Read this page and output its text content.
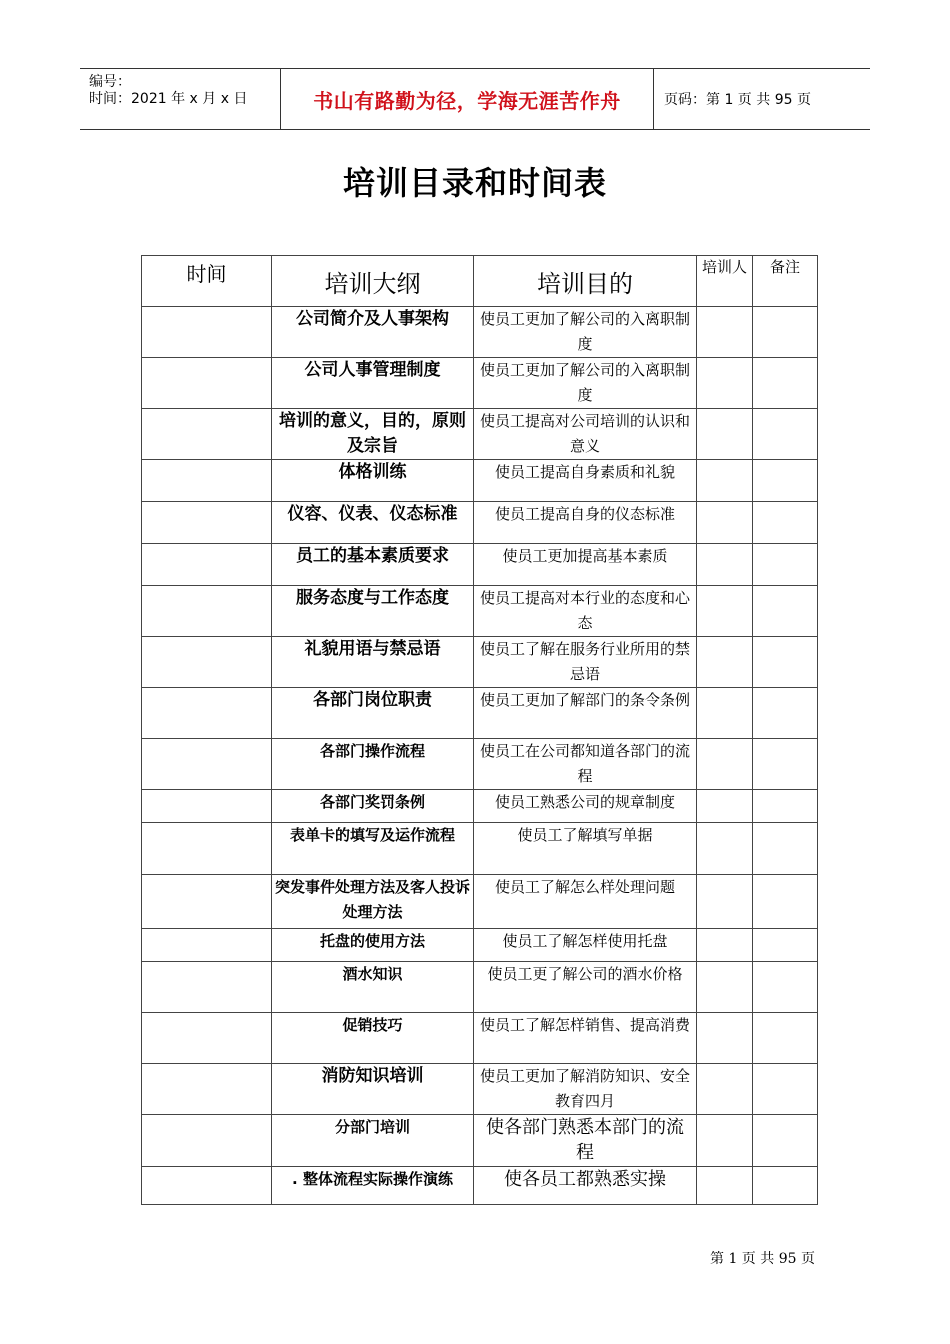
编号：
时间：2021 年 x 月 x 日	书山有路勤为径，学海无涯苦作舟	页码：第 1 页 共 95 页
培训目录和时间表
时间	培训大纲	培训目的	培训人	备注
	公司简介及人事架构	使员工更加了解公司的入离职制度		
	公司人事管理制度	使员工更加了解公司的入离职制度		
	培训的意义，目的，原则及宗旨	使员工提高对公司培训的认识和意义		
	体格训练	使员工提高自身素质和礼貌		
	仪容、仪表、仪态标准	使员工提高自身的仪态标准		
	员工的基本素质要求	使员工更加提高基本素质		
	服务态度与工作态度	使员工提高对本行业的态度和心态		
	礼貌用语与禁忌语	使员工了解在服务行业所用的禁忌语		
	各部门岗位职责	使员工更加了解部门的条令条例		
	各部门操作流程	使员工在公司都知道各部门的流程		
	各部门奖罚条例	使员工熟悉公司的规章制度		
	表单卡的填写及运作流程	使员工了解填写单据		
	突发事件处理方法及客人投诉处理方法	使员工了解怎么样处理问题		
	托盘的使用方法	使员工了解怎样使用托盘		
	酒水知识	使员工更了解公司的酒水价格		
	促销技巧	使员工了解怎样销售、提高消费		
	消防知识培训	使员工更加了解消防知识、安全教育四月		
	分部门培训	使各部门熟悉本部门的流程		
	. 整体流程实际操作演练	使各员工都熟悉实操		
第 1 页 共 95 页
